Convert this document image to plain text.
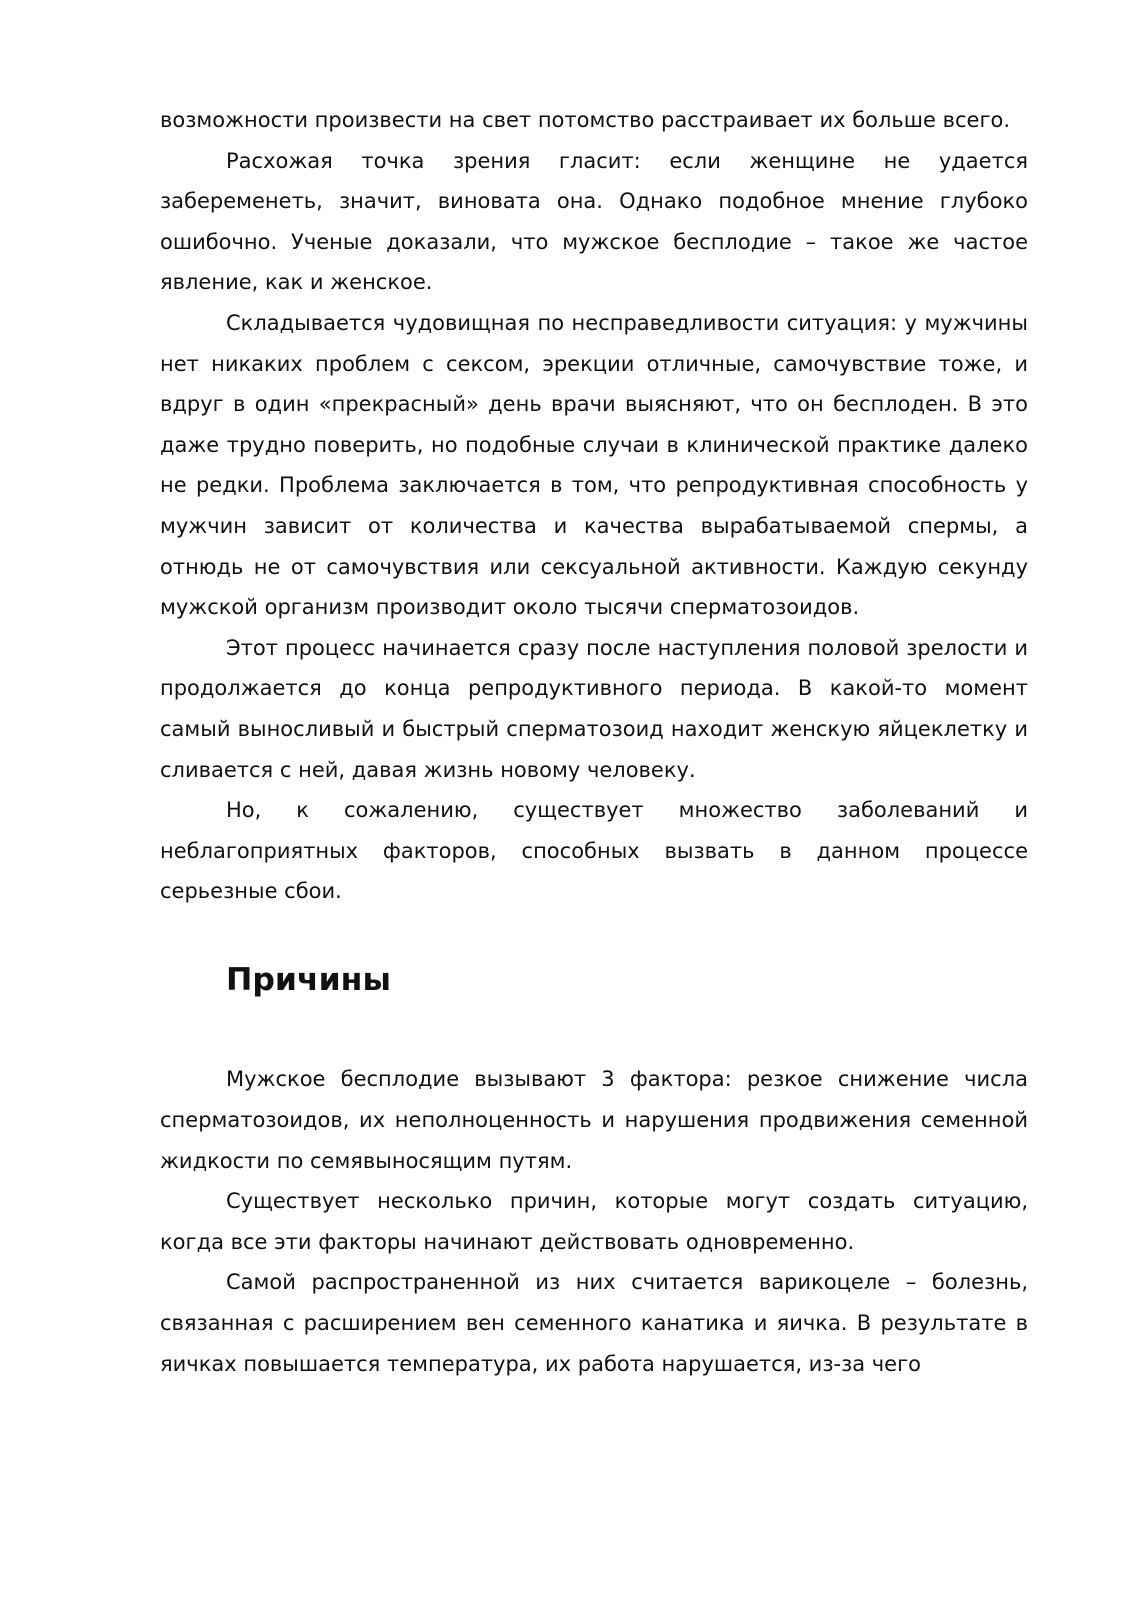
возможности произвести на свет потомство расстраивает их больше всего.

Расхожая точка зрения гласит: если женщине не удается забеременеть, значит, виновата она. Однако подобное мнение глубоко ошибочно. Ученые доказали, что мужское бесплодие – такое же частое явление, как и женское.

Складывается чудовищная по несправедливости ситуация: у мужчины нет никаких проблем с сексом, эрекции отличные, самочувствие тоже, и вдруг в один «прекрасный» день врачи выясняют, что он бесплоден. В это даже трудно поверить, но подобные случаи в клинической практике далеко не редки. Проблема заключается в том, что репродуктивная способность у мужчин зависит от количества и качества вырабатываемой спермы, а отнюдь не от самочувствия или сексуальной активности. Каждую секунду мужской организм производит около тысячи сперматозоидов.

Этот процесс начинается сразу после наступления половой зрелости и продолжается до конца репродуктивного периода. В какой-то момент самый выносливый и быстрый сперматозоид находит женскую яйцеклетку и сливается с ней, давая жизнь новому человеку.

Но, к сожалению, существует множество заболеваний и неблагоприятных факторов, способных вызвать в данном процессе серьезные сбои.

Причины

Мужское бесплодие вызывают 3 фактора: резкое снижение числа сперматозоидов, их неполноценность и нарушения продвижения семенной жидкости по семявыносящим путям.

Существует несколько причин, которые могут создать ситуацию, когда все эти факторы начинают действовать одновременно.

Самой распространенной из них считается варикоцеле – болезнь, связанная с расширением вен семенного канатика и яичка. В результате в яичках повышается температура, их работа нарушается, из-за чего
